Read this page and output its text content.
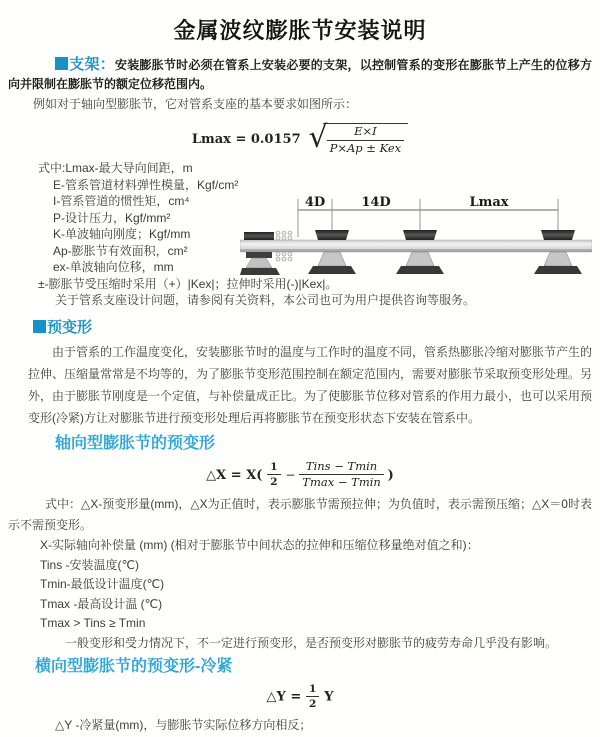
金属波纹膨胀节安装说明

支架：安装膨胀节时必须在管系上安装必要的支架，以控制管系的变形在膨胀节上产生的位移方向并限制在膨胀节的额定位移范围内。

例如对于轴向型膨胀节，它对管系支座的基本要求如图所示：

Lmax = 0.0157 √ $\frac{E\times I}{\text{P×Ap ± Kex}}$
式中:Lmax-最大导向间距，m
E-管系管道材料弹性模量，Kgf/cm²
I-管系管道的惯性矩，cm⁴
P-设计压力，Kgf/mm²
K-单波轴向刚度；Kgf/mm
Ap-膨胀节有效面积，cm²
ex-单波轴向位移，mm
±-膨胀节受压缩时采用（+）|Kex|；拉伸时采用(-)|Kex|。
关于管系支座设计问题，请参阅有关资料，本公司也可为用户提供咨询等服务。
4D	14D	Lmax
预变形

由于管系的工作温度变化，安装膨胀节时的温度与工作时的温度不同，管系热膨胀冷缩对膨胀节产生的拉伸、压缩量常常是不均等的，为了膨胀节变形范围控制在额定范围内，需要对膨胀节采取预变形处理。另外，由于膨胀节刚度是一个定值，与补偿量成正比。为了使膨胀节位移对管系的作用力最小，也可以采用预变形(冷紧)方让对膨胀节进行预变形处理后再将膨胀节在预变形状态下安装在管系中。

轴向型膨胀节的预变形
△X = $X( \frac{1}{2} - \frac{\text{Tins − Tmin}}{Tmax - Tmin}$ )

式中：△X-预变形量(mm)，△X为正值时，表示膨胀节需预拉伸；为负值时，表示需预压缩；△X＝0时表示不需预变形。

X-实际轴向补偿量 (mm) (相对于膨胀节中间状态的拉伸和压缩位移量绝对值之和)：
Tins -安装温度(℃)
Tmin-最低设计温度(℃)
Tmax -最高设计温 (℃)
Tmax > Tins ≥ Tmin

一般变形和受力情况下，不一定进行预变形，是否预变形对膨胀节的疲劳寿命几乎没有影响。

横向型膨胀节的预变形-冷紧
△Y = $\frac{1}{2}$ Y

△Y -冷紧量(mm)，与膨胀节实际位移方向相反；
